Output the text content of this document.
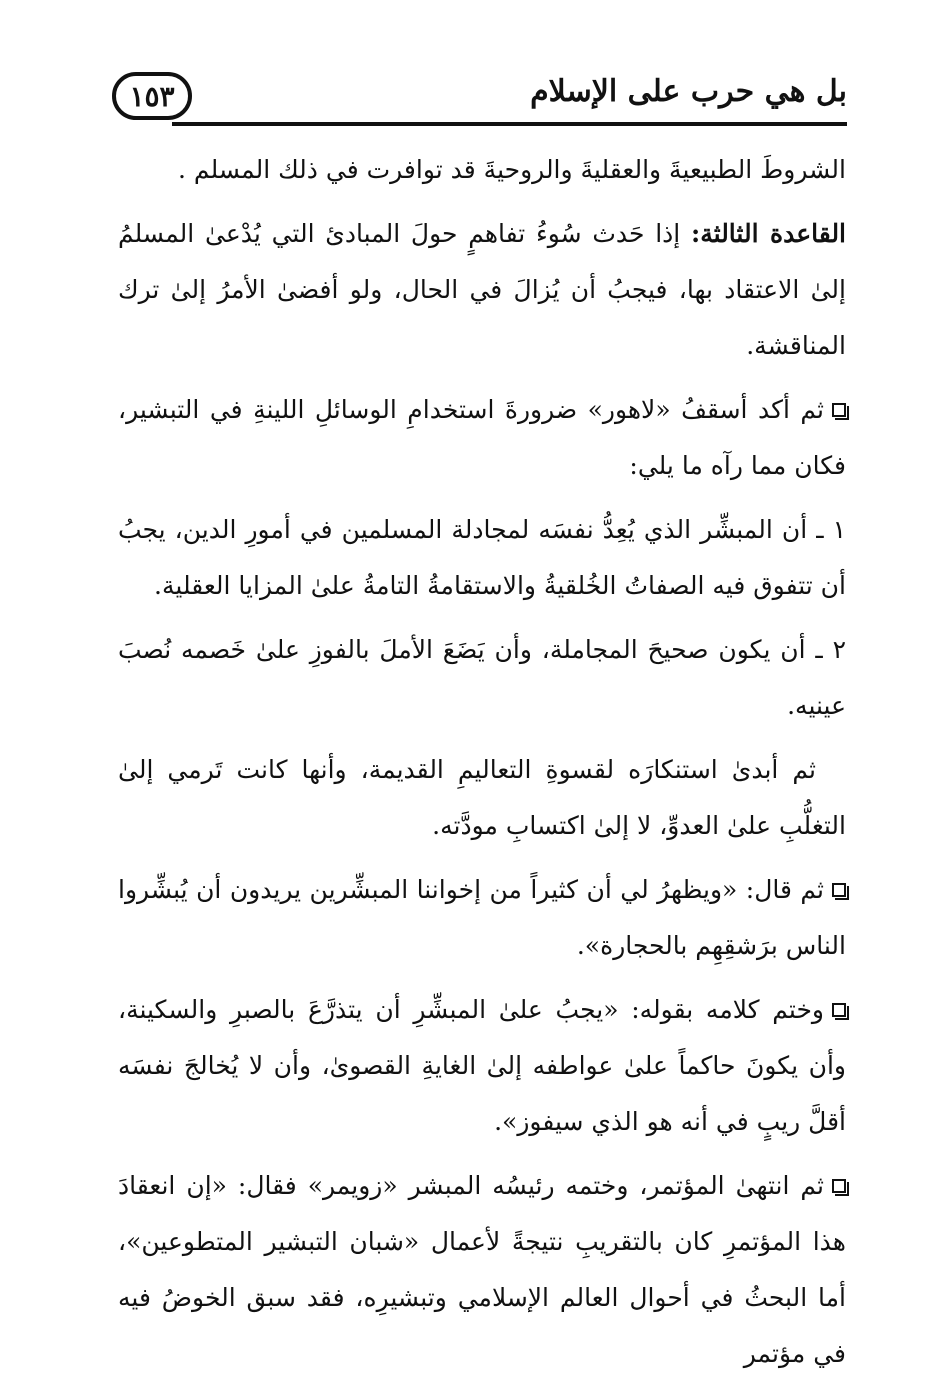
بل هي حرب على الإسلام
١٥٣

الشروطَ الطبيعيةَ والعقليةَ والروحيةَ قد توافرت في ذلك المسلم .

القاعدة الثالثة: إذا حَدث سُوءُ تفاهمٍ حولَ المبادئ التي يُدْعىٰ المسلمُ إلىٰ الاعتقاد بها، فيجبُ أن يُزالَ في الحال، ولو أفضىٰ الأمرُ إلىٰ ترك المناقشة.

ثم أكد أسقفُ «لاهور» ضرورةَ استخدامِ الوسائلِ اللينةِ في التبشير، فكان مما رآه ما يلي:

١ ـ أن المبشِّر الذي يُعِدُّ نفسَه لمجادلة المسلمين في أمورِ الدين، يجبُ أن تتفوق فيه الصفاتُ الخُلقيةُ والاستقامةُ التامةُ علىٰ المزايا العقلية.

٢ ـ أن يكون صحيحَ المجاملة، وأن يَضَعَ الأملَ بالفوزِ علىٰ خَصمه نُصبَ عينيه.

ثم أبدىٰ استنكارَه لقسوةِ التعاليمِ القديمة، وأنها كانت تَرمي إلىٰ التغلُّبِ علىٰ العدوِّ، لا إلىٰ اكتسابِ مودَّته.

ثم قال: «ويظهرُ لي أن كثيراً من إخواننا المبشِّرين يريدون أن يُبشِّروا الناس برَشقِهِم بالحجارة».

وختم كلامه بقوله: «يجبُ علىٰ المبشِّرِ أن يتذرَّعَ بالصبرِ والسكينة، وأن يكونَ حاكماً علىٰ عواطفه إلىٰ الغايةِ القصوىٰ، وأن لا يُخالجَ نفسَه أقلَّ ريبٍ في أنه هو الذي سيفوز».

ثم انتهىٰ المؤتمر، وختمه رئيسُه المبشر «زويمر» فقال: «إن انعقادَ هذا المؤتمرِ كان بالتقريبِ نتيجةً لأعمال «شبان التبشير المتطوعين»، أما البحثُ في أحوال العالم الإسلامي وتبشيرِه، فقد سبق الخوضُ فيه في مؤتمر
